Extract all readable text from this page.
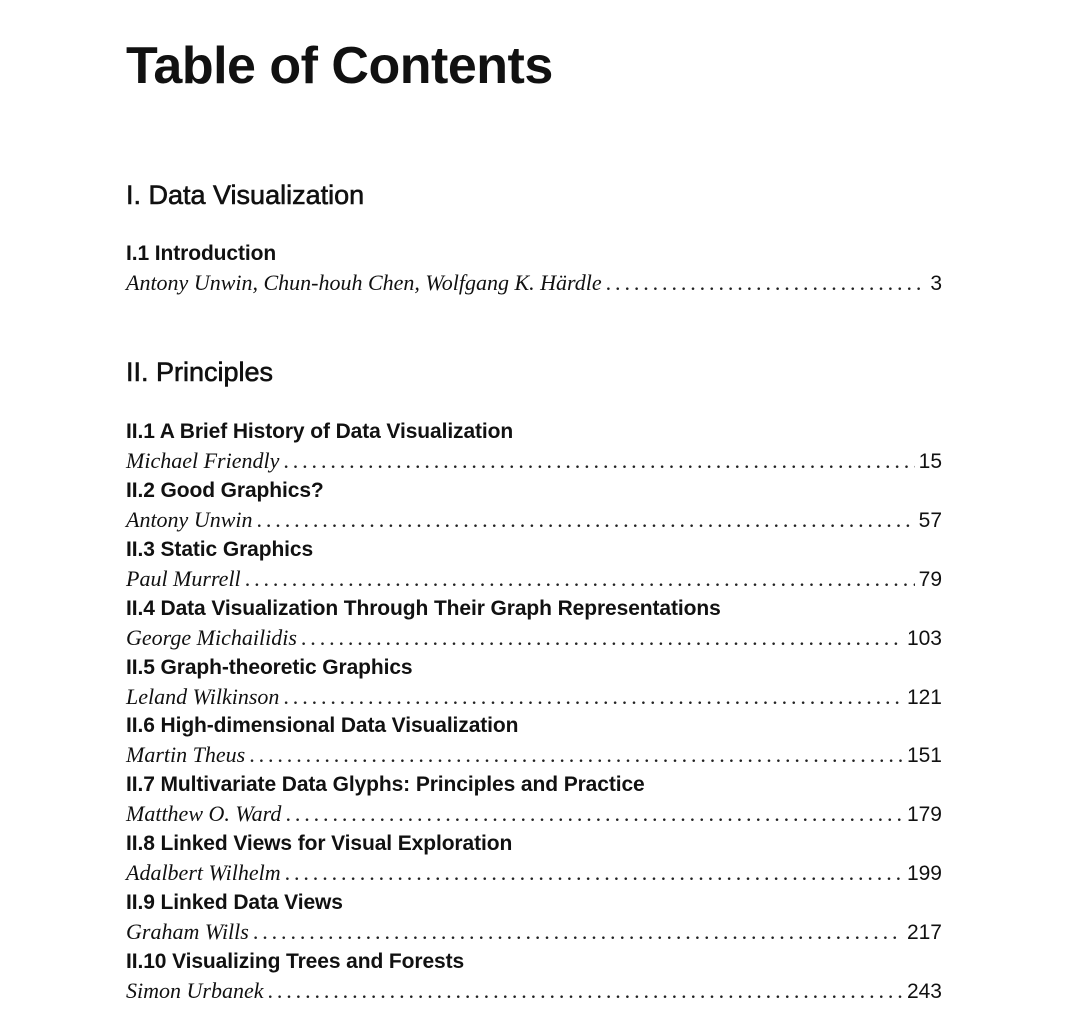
Table of Contents
I. Data Visualization
I.1 Introduction
Antony Unwin, Chun-houh Chen, Wolfgang K. Härdle . . .	3
II. Principles
II.1 A Brief History of Data Visualization
Michael Friendly . . .	15
II.2 Good Graphics?
Antony Unwin . . .	57
II.3 Static Graphics
Paul Murrell . . .	79
II.4 Data Visualization Through Their Graph Representations
George Michailidis . . .	103
II.5 Graph-theoretic Graphics
Leland Wilkinson . . .	121
II.6 High-dimensional Data Visualization
Martin Theus . . .	151
II.7 Multivariate Data Glyphs: Principles and Practice
Matthew O. Ward . . .	179
II.8 Linked Views for Visual Exploration
Adalbert Wilhelm . . .	199
II.9 Linked Data Views
Graham Wills . . .	217
II.10 Visualizing Trees and Forests
Simon Urbanek . . .	243
